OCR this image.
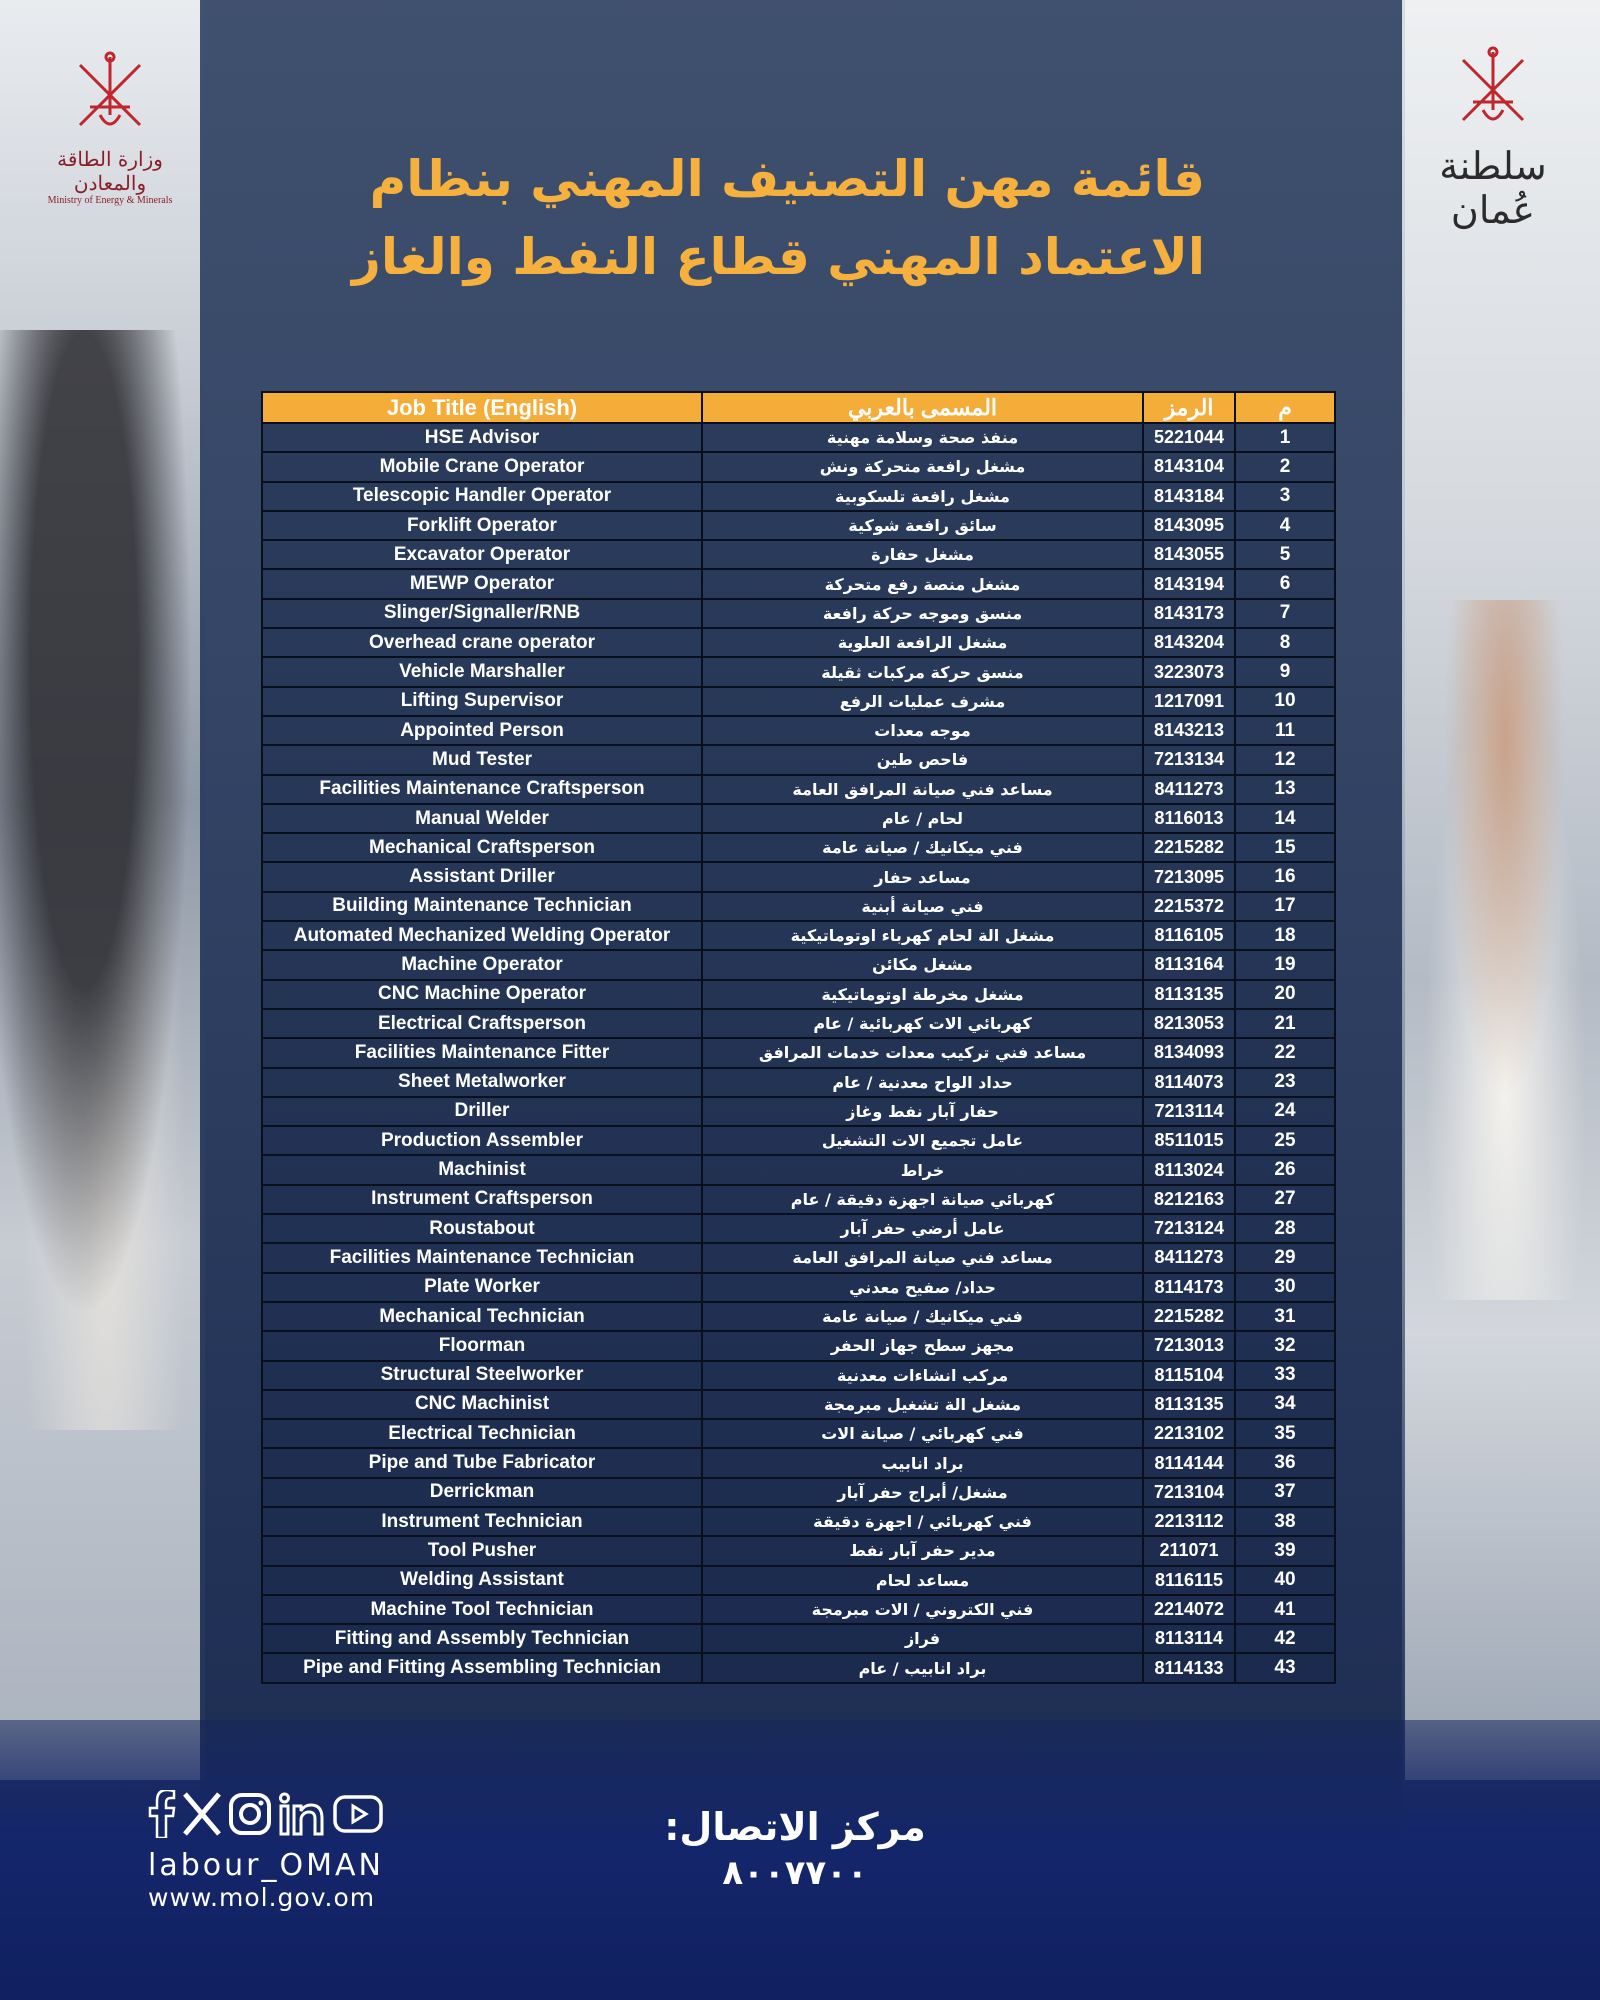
وزارة الطاقة والمعادن
Ministry of Energy & Minerals
سلطنة عُمان
قائمة مهن التصنيف المهني بنظام
الاعتماد المهني قطاع النفط والغاز
Job Title (English)	المسمى بالعربي	الرمز	م
HSE Advisor	منفذ صحة وسلامة مهنية	5221044	1
Mobile Crane Operator	مشغل رافعة متحركة ونش	8143104	2
Telescopic Handler Operator	مشغل رافعة تلسكوبية	8143184	3
Forklift Operator	سائق رافعة شوكية	8143095	4
Excavator Operator	مشغل حفارة	8143055	5
MEWP Operator	مشغل منصة رفع متحركة	8143194	6
Slinger/Signaller/RNB	منسق وموجه حركة رافعة	8143173	7
Overhead crane operator	مشغل الرافعة العلوية	8143204	8
Vehicle Marshaller	منسق حركة مركبات ثقيلة	3223073	9
Lifting Supervisor	مشرف عمليات الرفع	1217091	10
Appointed Person	موجه معدات	8143213	11
Mud Tester	فاحص طين	7213134	12
Facilities Maintenance Craftsperson	مساعد فني صيانة المرافق العامة	8411273	13
Manual Welder	لحام / عام	8116013	14
Mechanical Craftsperson	فني ميكانيك / صيانة عامة	2215282	15
Assistant Driller	مساعد حفار	7213095	16
Building Maintenance Technician	فني صيانة أبنية	2215372	17
Automated Mechanized Welding Operator	مشغل الة لحام كهرباء اوتوماتيكية	8116105	18
Machine Operator	مشغل مكائن	8113164	19
CNC Machine Operator	مشغل مخرطة اوتوماتيكية	8113135	20
Electrical Craftsperson	كهربائي الات كهربائية / عام	8213053	21
Facilities Maintenance Fitter	مساعد فني تركيب معدات خدمات المرافق	8134093	22
Sheet Metalworker	حداد الواح معدنية / عام	8114073	23
Driller	حفار آبار نفط وغاز	7213114	24
Production Assembler	عامل تجميع الات التشغيل	8511015	25
Machinist	خراط	8113024	26
Instrument Craftsperson	كهربائي صيانة اجهزة دقيقة / عام	8212163	27
Roustabout	عامل أرضي حفر آبار	7213124	28
Facilities Maintenance Technician	مساعد فني صيانة المرافق العامة	8411273	29
Plate Worker	حداد/ صفيح معدني	8114173	30
Mechanical Technician	فني ميكانيك / صيانة عامة	2215282	31
Floorman	مجهز سطح جهاز الحفر	7213013	32
Structural Steelworker	مركب انشاءات معدنية	8115104	33
CNC Machinist	مشغل الة تشغيل مبرمجة	8113135	34
Electrical Technician	فني كهربائي / صيانة الات	2213102	35
Pipe and Tube Fabricator	براد انابيب	8114144	36
Derrickman	مشغل/ أبراج حفر آبار	7213104	37
Instrument Technician	فني كهربائي / اجهزة دقيقة	2213112	38
Tool Pusher	مدير حفر آبار نفط	211071	39
Welding Assistant	مساعد لحام	8116115	40
Machine Tool Technician	فني الكتروني / الات مبرمجة	2214072	41
Fitting and Assembly Technician	فراز	8113114	42
Pipe and Fitting Assembling Technician	براد انابيب / عام	8114133	43
labour_OMAN
www.mol.gov.om
مركز الاتصال:
٨٠٠٧٧٠٠
